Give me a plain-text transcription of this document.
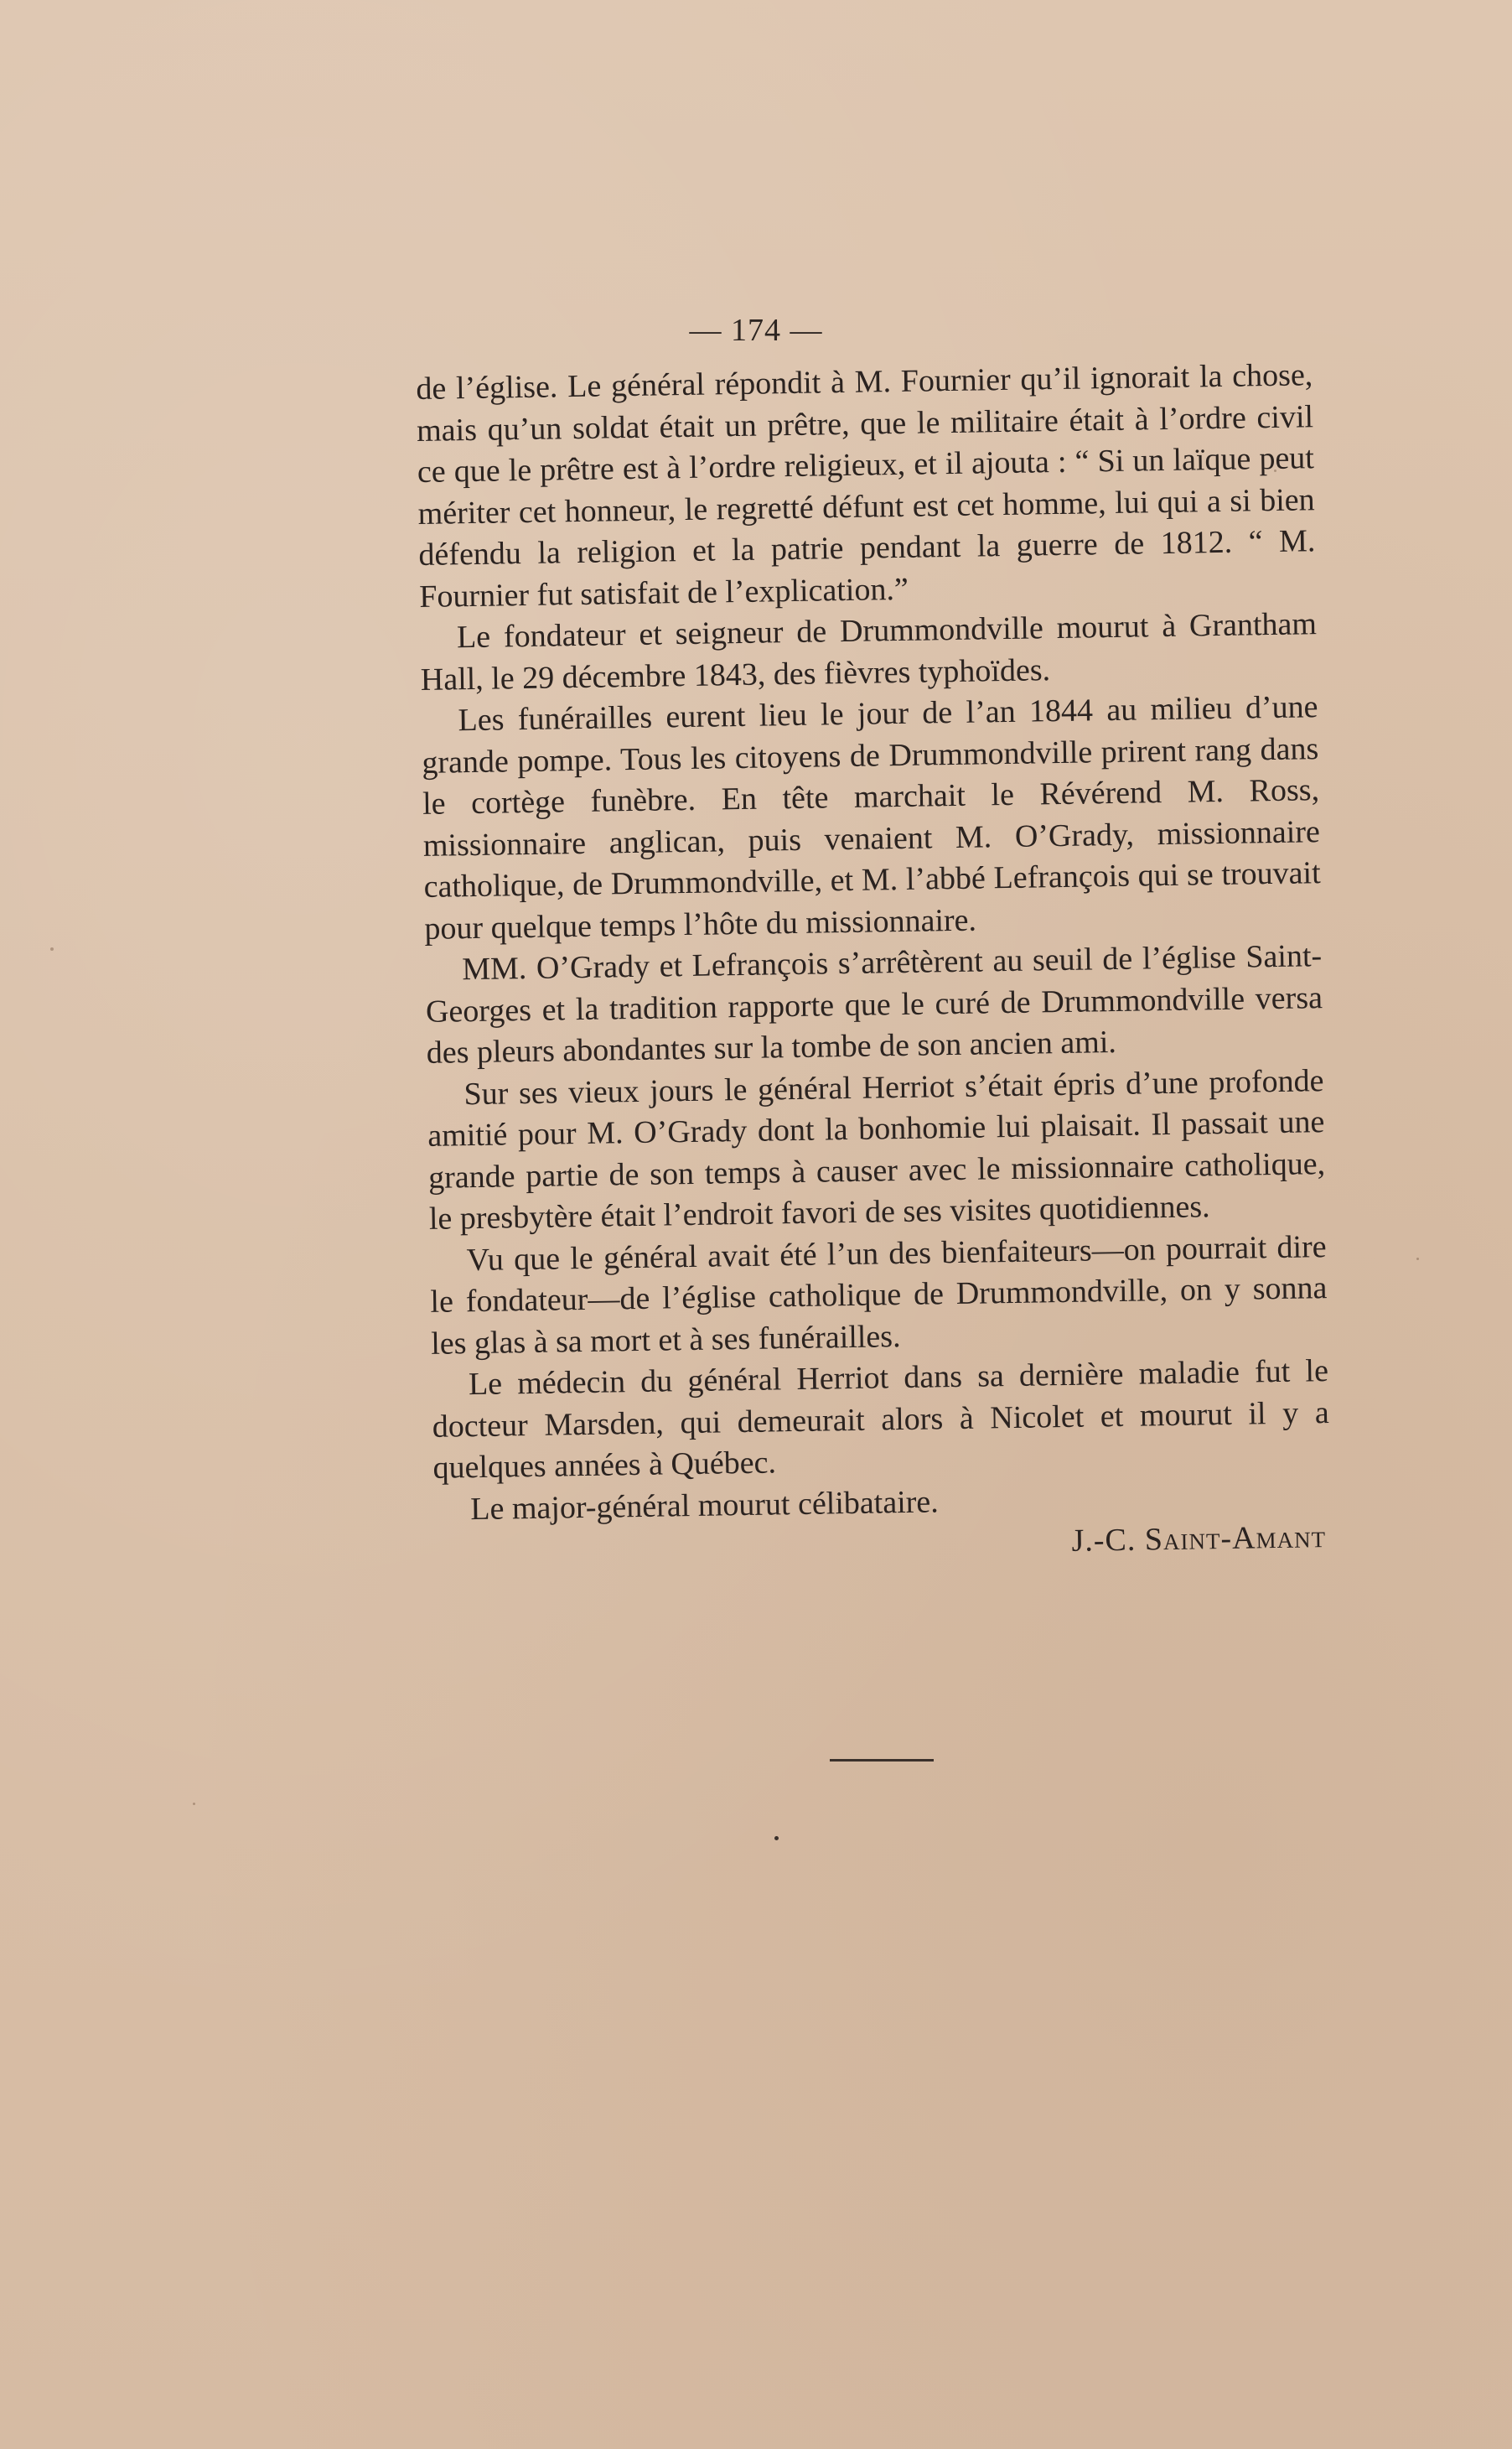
— 174 —

de l’église. Le général répondit à M. Fournier qu’il ignorait la chose, mais qu’un soldat était un prêtre, que le militaire était à l’ordre civil ce que le prêtre est à l’ordre religieux, et il ajouta : “ Si un laïque peut mériter cet honneur, le regretté défunt est cet homme, lui qui a si bien défendu la religion et la patrie pendant la guerre de 1812. “ M. Fournier fut satisfait de l’explication.”

Le fondateur et seigneur de Drummondville mourut à Grantham Hall, le 29 décembre 1843, des fièvres typhoïdes.

Les funérailles eurent lieu le jour de l’an 1844 au milieu d’une grande pompe. Tous les citoyens de Drummondville prirent rang dans le cortège funèbre. En tête marchait le Révérend M. Ross, missionnaire anglican, puis venaient M. O’Grady, missionnaire catholique, de Drummondville, et M. l’abbé Lefrançois qui se trouvait pour quelque temps l’hôte du missionnaire.

MM. O’Grady et Lefrançois s’arrêtèrent au seuil de l’église Saint-Georges et la tradition rapporte que le curé de Drummondville versa des pleurs abondantes sur la tombe de son ancien ami.

Sur ses vieux jours le général Herriot s’était épris d’une profonde amitié pour M. O’Grady dont la bonhomie lui plaisait. Il passait une grande partie de son temps à causer avec le missionnaire catholique, le presbytère était l’endroit favori de ses visites quotidiennes.

Vu que le général avait été l’un des bienfaiteurs—on pourrait dire le fondateur—de l’église catholique de Drummondville, on y sonna les glas à sa mort et à ses funérailles.

Le médecin du général Herriot dans sa dernière maladie fut le docteur Marsden, qui demeurait alors à Nicolet et mourut il y a quelques années à Québec.

Le major-général mourut célibataire.

J.-C. Saint-Amant
